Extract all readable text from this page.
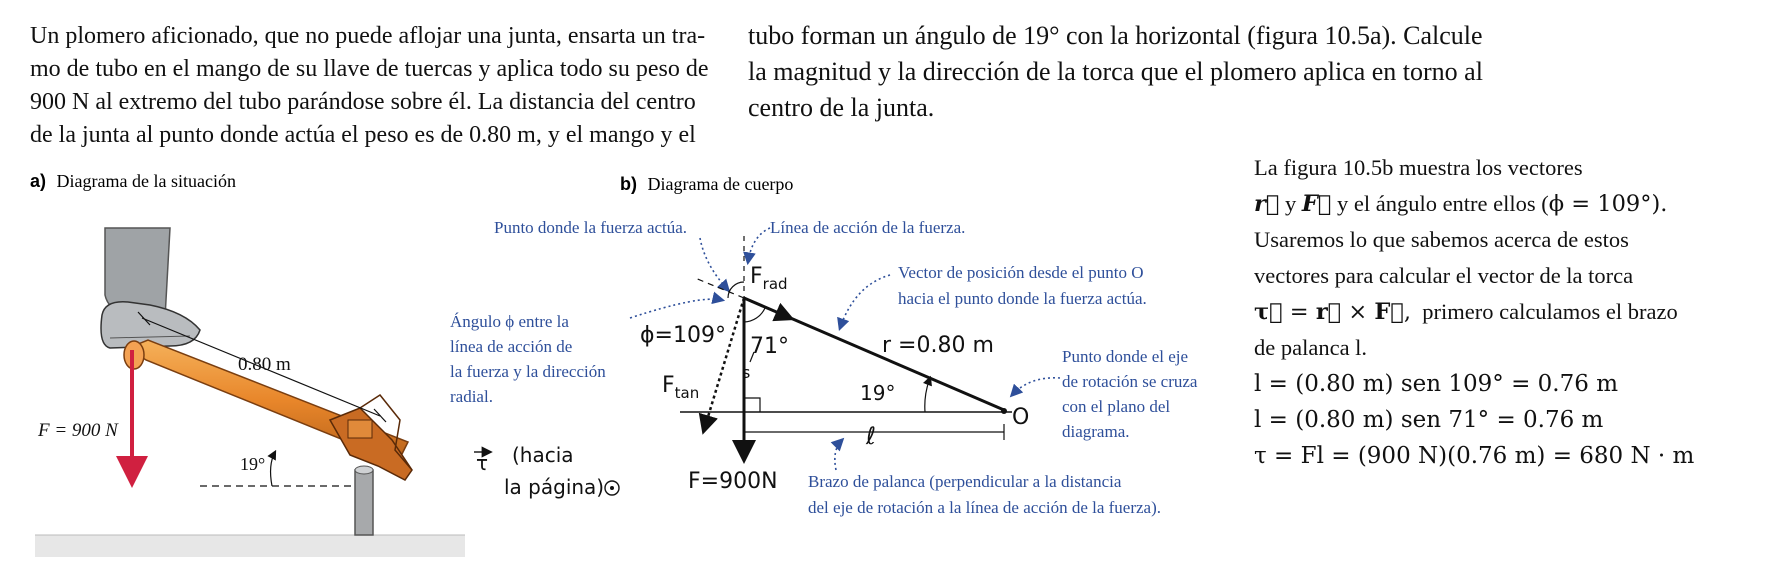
Un plomero aficionado, que no puede aflojar una junta, ensarta un tra-

mo de tubo en el mango de su llave de tuercas y aplica todo su peso de

900 N al extremo del tubo parándose sobre él. La distancia del centro

de la junta al punto donde actúa el peso es de 0.80 m, y el mango y el

tubo forman un ángulo de 19° con la horizontal (figura 10.5a). Calcule

la magnitud y la dirección de la torca que el plomero aplica en torno al

centro de la junta.

a) Diagrama de la situación
0.80 m
F = 900 N
19°
b) Diagrama de cuerpo
Punto donde la fuerza actúa.	Línea de acción de la fuerza.
Vector de posición desde el punto O
hacia el punto donde la fuerza actúa.
Ángulo ϕ entre la
línea de acción de
la fuerza y la dirección
radial.
Punto donde el eje
de rotación se cruza
con el plano del
diagrama.
Brazo de palanca (perpendicular a la distancia
del eje de rotación a la línea de acción de la fuerza).
ℓ
s
ϕ=109° 71°
19°
r =0.80 m
$F_{rad}$
$F_{tan}$
F=900N
O
τ (hacia
la página)

La figura 10.5b muestra los vectores

r⃗ y F⃗ y el ángulo entre ellos (ϕ = 109°).

Usaremos lo que sabemos acerca de estos

vectores para calcular el vector de la torca

τ⃗ = r⃗ × F⃗, primero calculamos el brazo

de palanca l.

l = (0.80 m) sen 109° = 0.76 m

l = (0.80 m) sen 71° = 0.76 m

τ = Fl = (900 N)(0.76 m) = 680 N · m
